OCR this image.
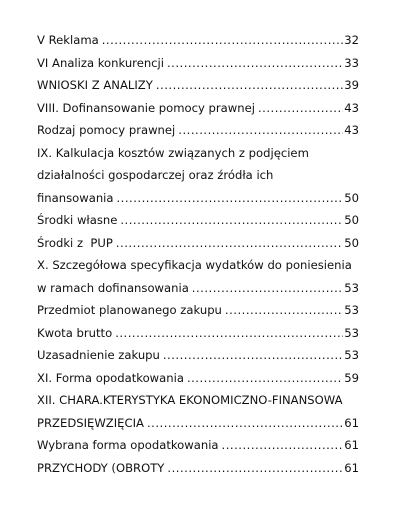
V Reklama .....	32
VI Analiza konkurencji .....	33
WNIOSKI Z ANALIZY .....	39
VIII. Dofinansowanie pomocy prawnej .....	43
Rodzaj pomocy prawnej .....	43
IX. Kalkulacja kosztów związanych z podjęciem
działalności gospodarczej oraz źródła ich
finansowania .....	50
Środki własne .....	50
Środki z  PUP .....	50
X. Szczegółowa specyfikacja wydatków do poniesienia
w ramach dofinansowania .....	53
Przedmiot planowanego zakupu .....	53
Kwota brutto .....	53
Uzasadnienie zakupu .....	53
XI. Forma opodatkowania .....	59
XII. CHARA.KTERYSTYKA EKONOMICZNO-FINANSOWA
PRZEDSIĘWZIĘCIA .....	61
Wybrana forma opodatkowania .....	61
PRZYCHODY (OBROTY .....	61
